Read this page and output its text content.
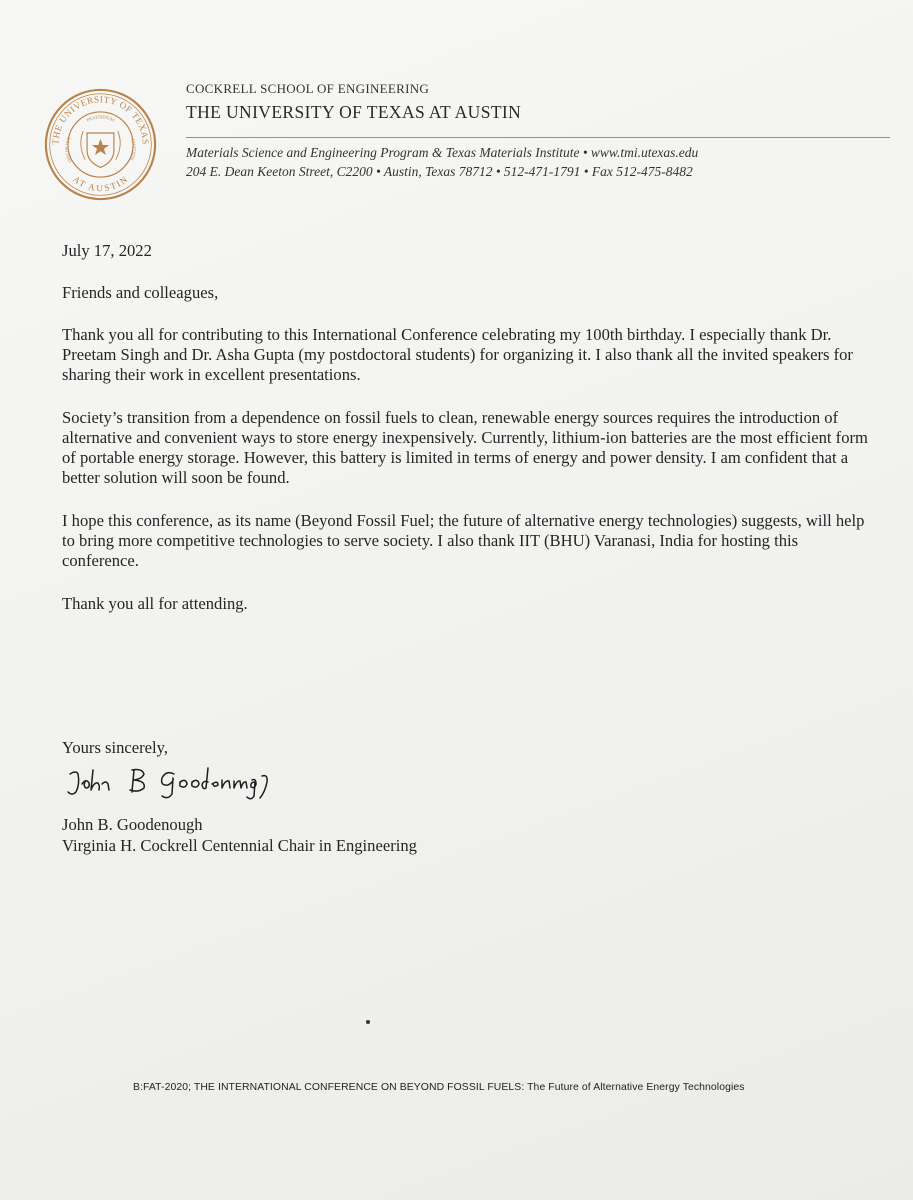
THE UNIVERSITY OF TEXAS
AT AUSTIN
DISCIPLINA
PRAESIDIUM
CIVITATIS

COCKRELL SCHOOL OF ENGINEERING

THE UNIVERSITY OF TEXAS AT AUSTIN

Materials Science and Engineering Program & Texas Materials Institute • www.tmi.utexas.edu
204 E. Dean Keeton Street, C2200 • Austin, Texas 78712 • 512-471-1791 • Fax 512-475-8482

July 17, 2022

Friends and colleagues,

Thank you all for contributing to this International Conference celebrating my 100th birthday. I especially thank Dr. Preetam Singh and Dr. Asha Gupta (my postdoctoral students) for organizing it. I also thank all the invited speakers for sharing their work in excellent presentations.

Society’s transition from a dependence on fossil fuels to clean, renewable energy sources requires the introduction of alternative and convenient ways to store energy inexpensively. Currently, lithium-ion batteries are the most efficient form of portable energy storage. However, this battery is limited in terms of energy and power density. I am confident that a better solution will soon be found.

I hope this conference, as its name (Beyond Fossil Fuel; the future of alternative energy technologies) suggests, will help to bring more competitive technologies to serve society. I also thank IIT (BHU) Varanasi, India for hosting this conference.

Thank you all for attending.

Yours sincerely,
John B. Goodenough
Virginia H. Cockrell Centennial Chair in Engineering
B:FAT-2020; THE INTERNATIONAL CONFERENCE ON BEYOND FOSSIL FUELS: The Future of Alternative Energy Technologies
